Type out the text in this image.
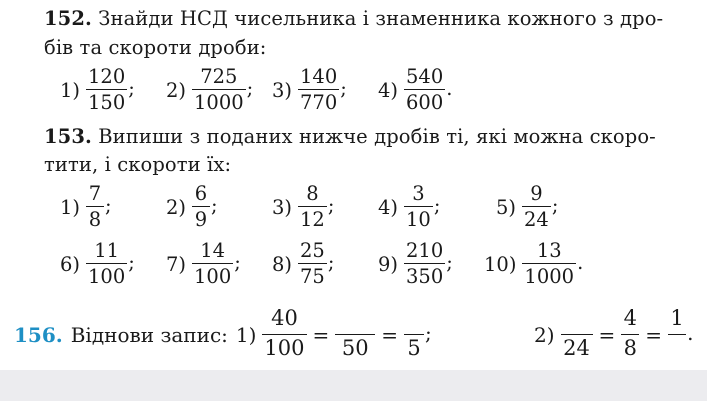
152. Знайди НСД чисельника і знаменника кожного з дро-
бів та скороти дроби:
$1) \frac{120}{150}$ ; $2) \frac{725}{1000}$ ; $3) \frac{140}{770}$ ; $4) \frac{540}{600}$ .
153. Випиши з поданих нижче дробів ті, які можна скоро-
тити, і скороти їх:
$1) \frac{7}{8}$ ;	$2) \frac{6}{9}$ ;	$3) \frac{8}{12}$ ; $4) \frac{3}{10}$ ;	$5) \frac{9}{24}$ ;
$6) \frac{11}{100}$ ; $7) \frac{14}{100}$ ; $8) \frac{25}{75}$ ; $9) \frac{210}{350}$ ; $10) \frac{13}{1000}$ .
156. Віднови запис: $1) \frac{40}{100}$ =
50
=
5
;	2)
24
= $\frac{4}{8}$ =
1
.
